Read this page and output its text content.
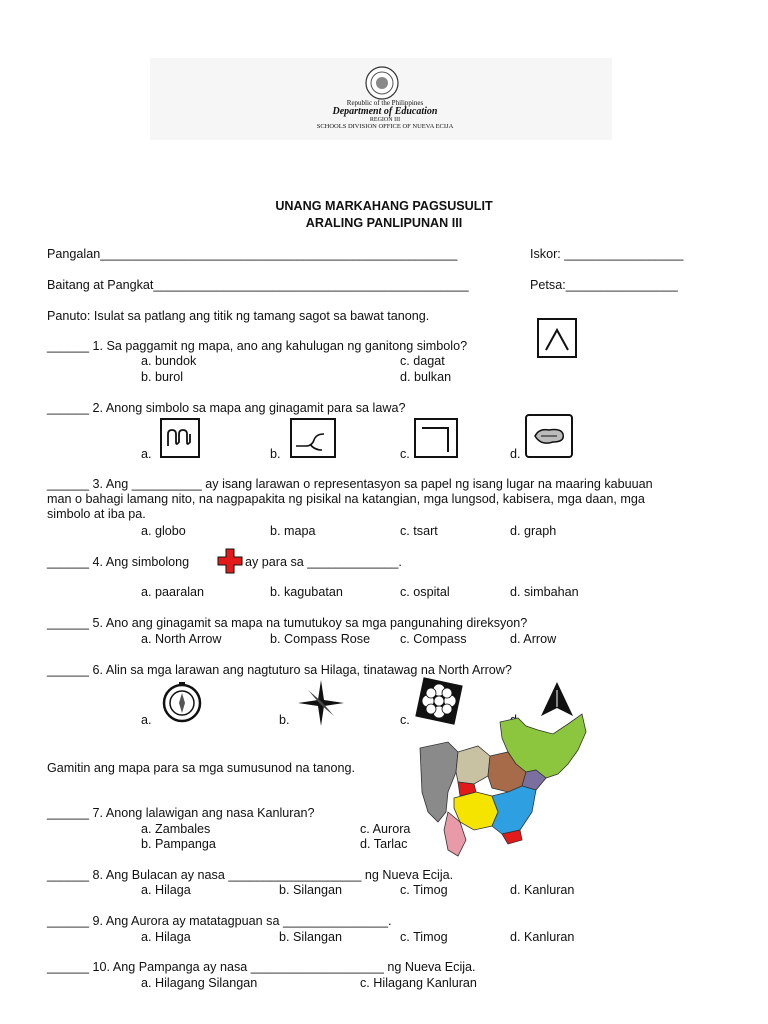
Republic of the Philippines
Department of Education
REGION III
SCHOOLS DIVISION OFFICE OF NUEVA ECIJA
UNANG MARKAHANG PAGSUSULIT
ARALING PANLIPUNAN III
Pangalan___________________________________________________	Iskor: _________________
Baitang at Pangkat_____________________________________________	Petsa:________________
Panuto: Isulat sa patlang ang titik ng tamang sagot sa bawat tanong.
______ 1. Sa paggamit ng mapa, ano ang kahulugan ng ganitong simbolo?
a. bundok	c. dagat
b. burol	d. bulkan
______ 2. Anong simbolo sa mapa ang ginagamit para sa lawa?
a.	b.	c.	d.
______ 3. Ang __________ ay isang larawan o representasyon sa papel ng isang lugar na maaring kabuuan
man o bahagi lamang nito, na nagpapakita ng pisikal na katangian, mga lungsod, kabisera, mga daan, mga
simbolo at iba pa.
a. globo	b. mapa	c. tsart	d. graph
______ 4. Ang simbolong	ay para sa _____________.
a. paaralan	b. kagubatan	c. ospital	d. simbahan
______ 5. Ano ang ginagamit sa mapa na tumutukoy sa mga pangunahing direksyon?
a. North Arrow	b. Compass Rose c. Compass	d. Arrow
______ 6. Alin sa mga larawan ang nagtuturo sa Hilaga, tinatawag na North Arrow?
a.	b.	c.
Gamitin ang mapa para sa mga sumusunod na tanong.
______ 7. Anong lalawigan ang nasa Kanluran?
a. Zambales	c. Aurora
b. Pampanga	d. Tarlac
______ 8. Ang Bulacan ay nasa ___________________ ng Nueva Ecija.
a. Hilaga	b. Silangan	c. Timog	d. Kanluran
______ 9. Ang Aurora ay matatagpuan sa _______________.
a. Hilaga	b. Silangan	c. Timog	d. Kanluran
______ 10. Ang Pampanga ay nasa ___________________ ng Nueva Ecija.
a. Hilagang Silangan	c. Hilagang Kanluran
